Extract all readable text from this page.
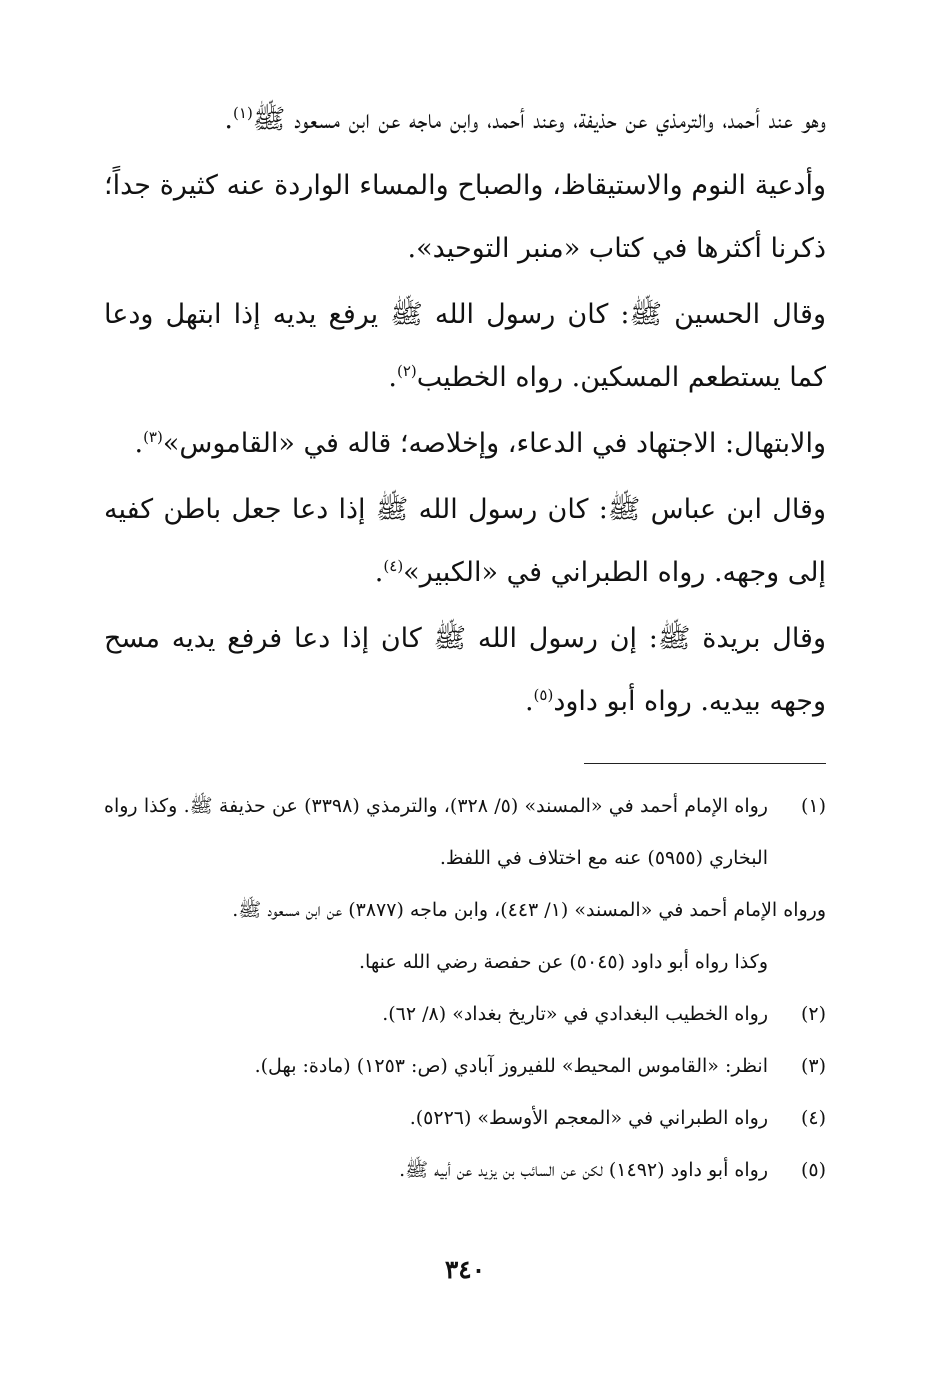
وهو عند أحمد، والترمذي عن حذيفة، وعند أحمد، وابن ماجه عن ابن مسعود ﷺ$^{(١)}$.

وأدعية النوم والاستيقاظ، والصباح والمساء الواردة عنه كثيرة جداً؛ ذكرنا أكثرها في كتاب «منبر التوحيد».

وقال الحسين ﷺ: كان رسول الله ﷺ يرفع يديه إذا ابتهل ودعا كما يستطعم المسكين. رواه الخطيب$^{(٢)}$.

والابتهال: الاجتهاد في الدعاء، وإخلاصه؛ قاله في «القاموس»$^{(٣)}$.

وقال ابن عباس ﷺ: كان رسول الله ﷺ إذا دعا جعل باطن كفيه إلى وجهه. رواه الطبراني في «الكبير»$^{(٤)}$.

وقال بريدة ﷺ: إن رسول الله ﷺ كان إذا دعا فرفع يديه مسح وجهه بيديه. رواه أبو داود$^{(٥)}$.

(١)
رواه الإمام أحمد في «المسند» (٥/ ٣٢٨)، والترمذي (٣٣٩٨) عن حذيفة ﷺ. وكذا رواه البخاري (٥٩٥٥) عنه مع اختلاف في اللفظ.

ورواه الإمام أحمد في «المسند» (١/ ٤٤٣)، وابن ماجه (٣٨٧٧) عن ابن مسعود ﷺ.

وكذا رواه أبو داود (٥٠٤٥) عن حفصة رضي الله عنها.

(٢)
رواه الخطيب البغدادي في «تاريخ بغداد» (٨/ ٦٢).
(٣)
انظر: «القاموس المحيط» للفيروز آبادي (ص: ١٢٥٣) (مادة: بهل).
(٤)
رواه الطبراني في «المعجم الأوسط» (٥٢٢٦).
(٥)
رواه أبو داود (١٤٩٢) لكن عن السائب بن يزيد عن أبيه ﷺ.
٣٤٠
